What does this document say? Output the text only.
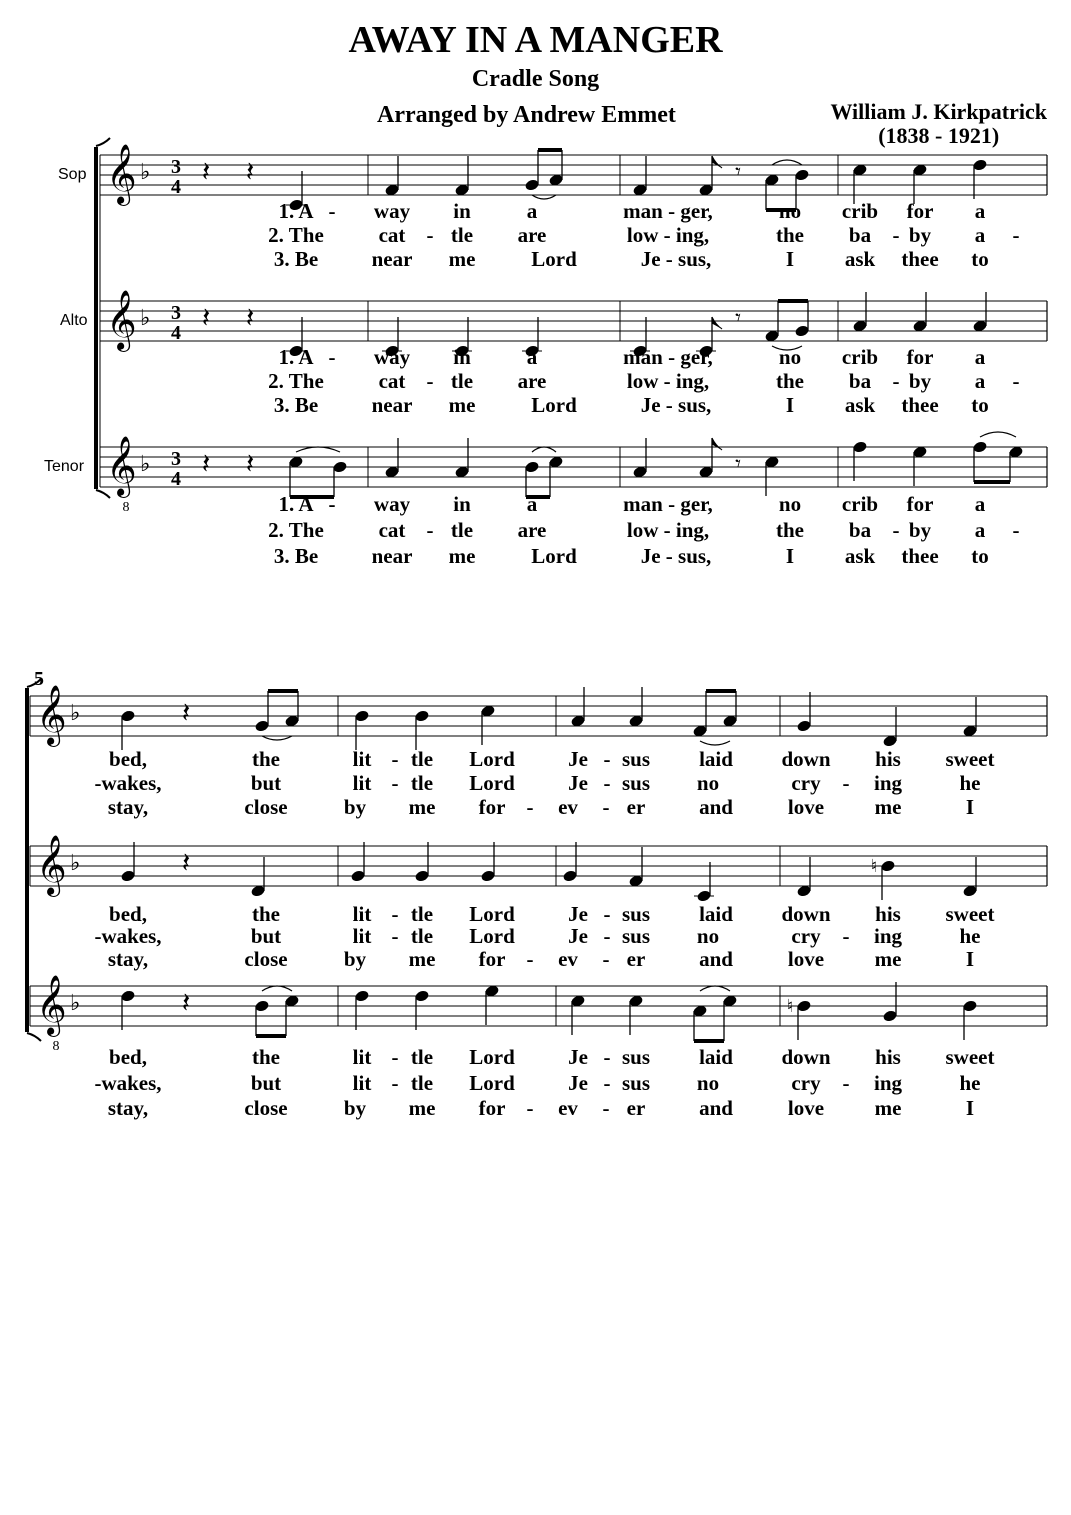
AWAY IN A MANGER
Cradle Song
Arranged by Andrew Emmet	William J. Kirkpatrick
(1838 - 1921)
Sop
Alto
Tenor
5
𝄞 ♭
𝄞 ♭
𝄞 ♭
8
𝄞 ♭
𝄞 ♭
𝄞 ♭
8
3
4
3
4
3
4
𝄽 𝄽	𝄾
𝄽 𝄽	𝄾
𝄽 𝄽	𝄾
𝄽
𝄽	♮
𝄽	♮
1. A - way in	a	man - ger,	no crib for a
2. The	cat - tle are	low - ing,	the ba - by a -
3. Be	near me	Lord	Je - sus,	I ask thee to
1. A - way in	a	man - ger,	no crib for a
2. The	cat - tle are	low - ing,	the ba - by a -
3. Be	near me	Lord	Je - sus,	I ask thee to
1. A - way in	a	man - ger,	no crib for a
2. The	cat - tle are	low - ing,	the ba - by a -
3. Be	near me	Lord	Je - sus,	I ask thee to
bed,	the	lit - tle Lord	Je - sus laid down his sweet
-wakes,	but	lit - tle Lord	Je - sus no	cry - ing	he
stay,	close	by me for - ev - er	and	love me	I
bed,	the	lit - tle Lord	Je - sus laid down his sweet
-wakes,	but	lit - tle Lord	Je - sus no	cry - ing	he
stay,	close	by me for - ev - er	and	love me	I
bed,	the	lit - tle Lord	Je - sus laid down his sweet
-wakes,	but	lit - tle Lord	Je - sus no	cry - ing	he
stay,	close	by me for - ev - er	and	love me	I
